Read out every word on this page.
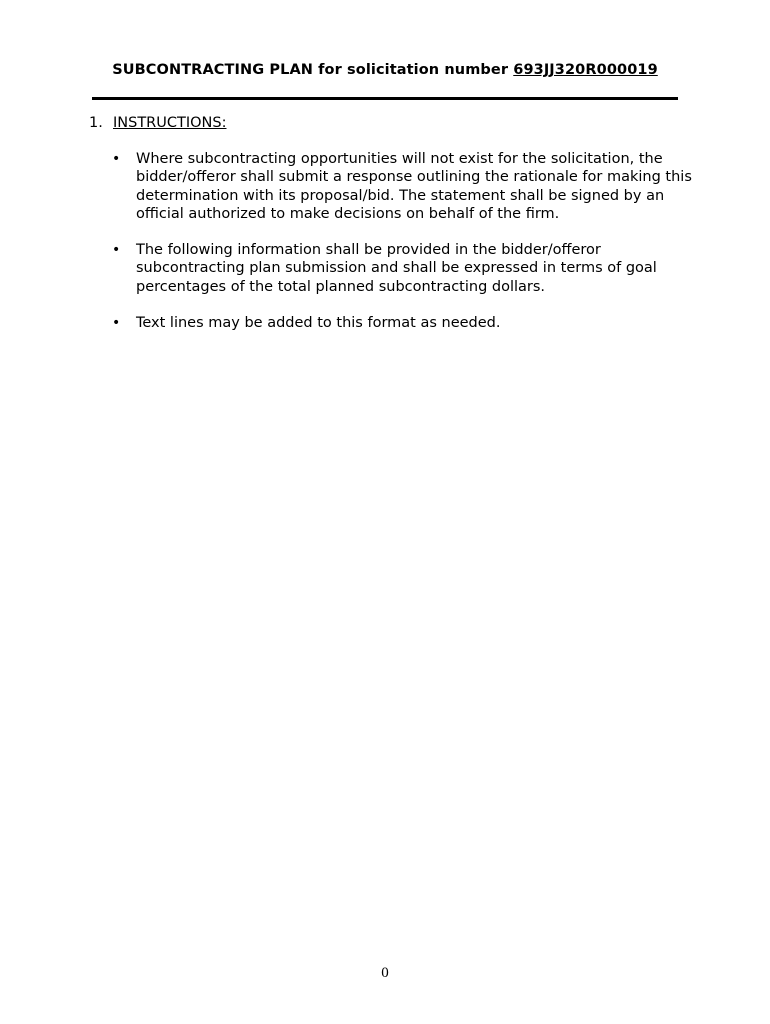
SUBCONTRACTING PLAN for solicitation number 693JJ320R000019
1. INSTRUCTIONS:
• Where subcontracting opportunities will not exist for the solicitation, the bidder/offeror shall submit a response outlining the rationale for making this determination with its proposal/bid. The statement shall be signed by an official authorized to make decisions on behalf of the firm.
• The following information shall be provided in the bidder/offeror subcontracting plan submission and shall be expressed in terms of goal percentages of the total planned subcontracting dollars.
• Text lines may be added to this format as needed.
0
